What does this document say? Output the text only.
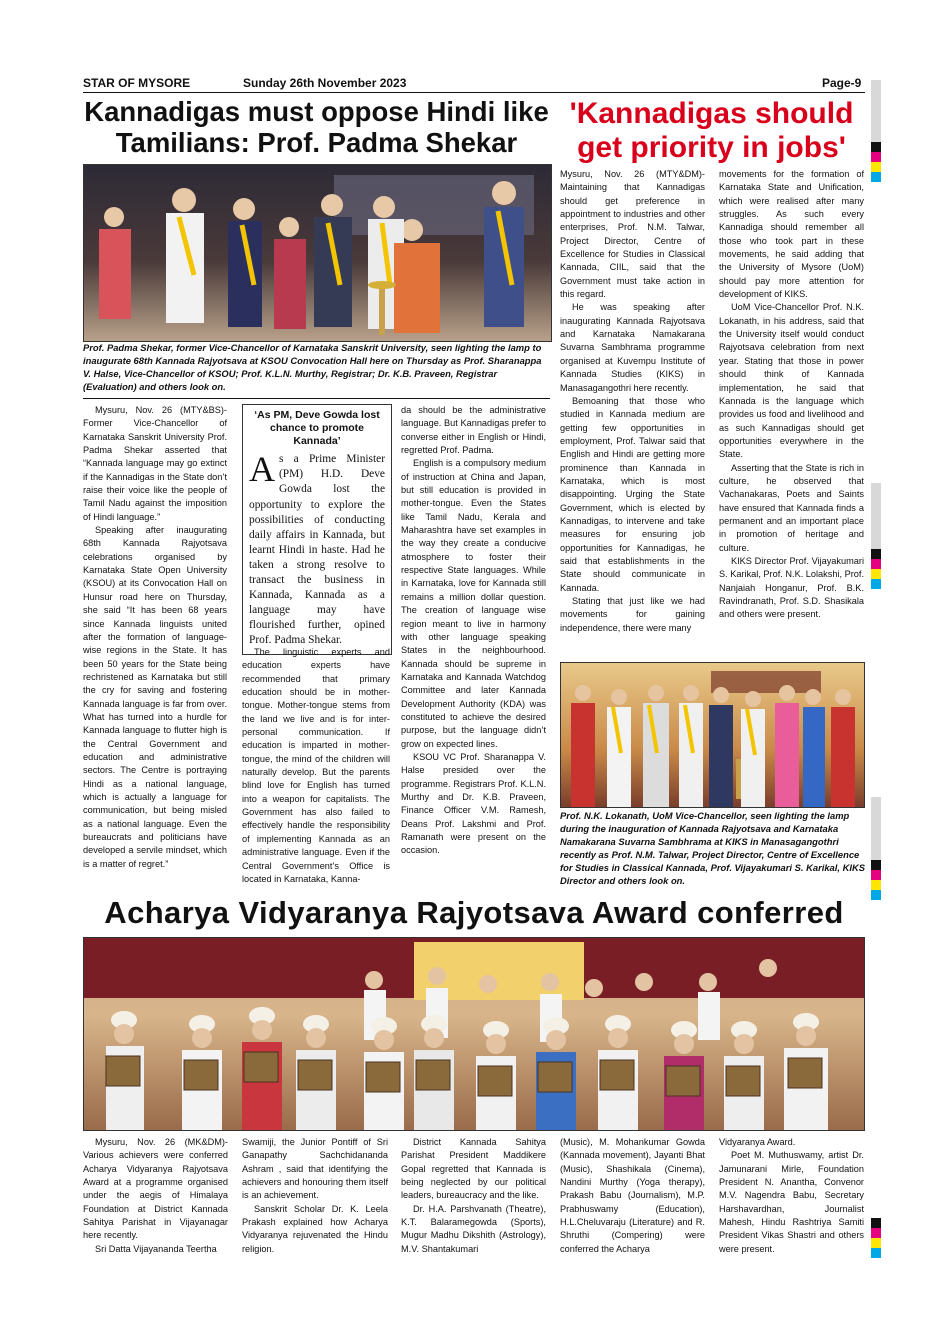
STAR OF MYSORE	Sunday 26th November 2023	Page-9
Kannadigas must oppose Hindi like
Tamilians: Prof. Padma Shekar
'Kannadigas should
get priority in jobs'
Prof. Padma Shekar, former Vice-Chancellor of Karnataka Sanskrit University, seen lighting the lamp to inaugurate 68th Kannada Rajyotsava at KSOU Convocation Hall here on Thursday as Prof. Sharanappa V. Halse, Vice-Chancellor of KSOU; Prof. K.L.N. Murthy, Registrar; Dr. K.B. Praveen, Registrar (Evaluation) and others look on.

Mysuru, Nov. 26 (MTY&BS)- Former Vice-Chancellor of Karnataka Sanskrit University Prof. Padma Shekar asserted that “Kannada language may go extinct if the Kannadigas in the State don’t raise their voice like the people of Tamil Nadu against the imposition of Hindi language.”

Speaking after inaugurating 68th Kannada Rajyotsava celebrations organised by Karnataka State Open University (KSOU) at its Convocation Hall on Hunsur road here on Thursday, she said “It has been 68 years since Kannada linguists united after the formation of language-wise regions in the State. It has been 50 years for the State being rechristened as Karnataka but still the cry for saving and fostering Kannada language is far from over. What has turned into a hurdle for Kannada language to flutter high is the Central Government and education and administrative sectors. The Centre is portraying Hindi as a national language, which is actually a language for communication, but being misled as a national language. Even the bureaucrats and politicians have developed a servile mindset, which is a matter of regret.”

‘As PM, Deve Gowda lost chance to promote Kannada’

As a Prime Minister (PM) H.D. Deve Gowda lost the opportunity to explore the possibilities of conducting daily affairs in Kannada, but learnt Hindi in haste. Had he taken a strong resolve to transact the business in Kannada, Kannada as a language may have flourished further, opined Prof. Padma Shekar.

The linguistic experts and education experts have recommended that primary education should be in mother-tongue. Mother-tongue stems from the land we live and is for inter-personal communication. If education is imparted in mother-tongue, the mind of the children will naturally develop. But the parents blind love for English has turned into a weapon for capitalists. The Government has also failed to effectively handle the responsibility of implementing Kannada as an administrative language. Even if the Central Government’s Office is located in Karnataka, Kanna-

da should be the administrative language. But Kannadigas prefer to converse either in English or Hindi, regretted Prof. Padma.

English is a compulsory medium of instruction at China and Japan, but still education is provided in mother-tongue. Even the States like Tamil Nadu, Kerala and Maharashtra have set examples in the way they create a conducive atmosphere to foster their respective State languages. While in Karnataka, love for Kannada still remains a million dollar question. The creation of language wise region meant to live in harmony with other language speaking States in the neighbourhood. Kannada should be supreme in Karnataka and Kannada Watchdog Committee and later Kannada Development Authority (KDA) was constituted to achieve the desired purpose, but the language didn’t grow on expected lines.

KSOU VC Prof. Sharanappa V. Halse presided over the programme. Registrars Prof. K.L.N. Murthy and Dr. K.B. Praveen, Finance Officer V.M. Ramesh, Deans Prof. Lakshmi and Prof. Ramanath were present on the occasion.

Mysuru, Nov. 26 (MTY&DM)- Maintaining that Kannadigas should get preference in appointment to industries and other enterprises, Prof. N.M. Talwar, Project Director, Centre of Excellence for Studies in Classical Kannada, CIIL, said that the Government must take action in this regard.

He was speaking after inaugurating Kannada Rajyotsava and Karnataka Namakarana Suvarna Sambhrama programme organised at Kuvempu Institute of Kannada Studies (KIKS) in Manasagangothri here recently.

Bemoaning that those who studied in Kannada medium are getting few opportunities in employment, Prof. Talwar said that English and Hindi are getting more prominence than Kannada in Karnataka, which is most disappointing. Urging the State Government, which is elected by Kannadigas, to intervene and take measures for ensuring job opportunities for Kannadigas, he said that establishments in the State should communicate in Kannada.

Stating that just like we had movements for gaining independence, there were many

movements for the formation of Karnataka State and Unification, which were realised after many struggles. As such every Kannadiga should remember all those who took part in these movements, he said adding that the University of Mysore (UoM) should pay more attention for development of KIKS.

UoM Vice-Chancellor Prof. N.K. Lokanath, in his address, said that the University itself would conduct Rajyotsava celebration from next year. Stating that those in power should think of Kannada implementation, he said that Kannada is the language which provides us food and livelihood and as such Kannadigas should get opportunities everywhere in the State.

Asserting that the State is rich in culture, he observed that Vachanakaras, Poets and Saints have ensured that Kannada finds a permanent and an important place in promotion of heritage and culture.

KIKS Director Prof. Vijayakumari S. Karikal, Prof. N.K. Lolakshi, Prof. Nanjaiah Honganur, Prof. B.K. Ravindranath, Prof. S.D. Shasikala and others were present.

Prof. N.K. Lokanath, UoM Vice-Chancellor, seen lighting the lamp during the inauguration of Kannada Rajyotsava and Karnataka Namakarana Suvarna Sambhrama at KIKS in Manasagangothri recently as Prof. N.M. Talwar, Project Director, Centre of Excellence for Studies in Classical Kannada, Prof. Vijayakumari S. Karikal, KIKS Director and others look on.
Acharya Vidyaranya Rajyotsava Award conferred

Mysuru, Nov. 26 (MK&DM)- Various achievers were conferred Acharya Vidyaranya Rajyotsava Award at a programme organised under the aegis of Himalaya Foundation at District Kannada Sahitya Parishat in Vijayanagar here recently.

Sri Datta Vijayananda Teertha

Swamiji, the Junior Pontiff of Sri Ganapathy Sachchidananda Ashram , said that identifying the achievers and honouring them itself is an achievement.

Sanskrit Scholar Dr. K. Leela Prakash explained how Acharya Vidyaranya rejuvenated the Hindu religion.

District Kannada Sahitya Parishat President Maddikere Gopal regretted that Kannada is being neglected by our political leaders, bureaucracy and the like.

Dr. H.A. Parshvanath (Theatre), K.T. Balaramegowda (Sports), Mugur Madhu Dikshith (Astrology), M.V. Shantakumari

(Music), M. Mohankumar Gowda (Kannada movement), Jayanti Bhat (Music), Shashikala (Cinema), Nandini Murthy (Yoga therapy), Prakash Babu (Journalism), M.P. Prabhuswamy (Education), H.L.Cheluvaraju (Literature) and R. Shruthi (Compering) were conferred the Acharya

Vidyaranya Award.

Poet M. Muthuswamy, artist Dr. Jamunarani Mirle, Foundation President N. Anantha, Convenor M.V. Nagendra Babu, Secretary Harshavardhan, Journalist Mahesh, Hindu Rashtriya Samiti President Vikas Shastri and others were present.
